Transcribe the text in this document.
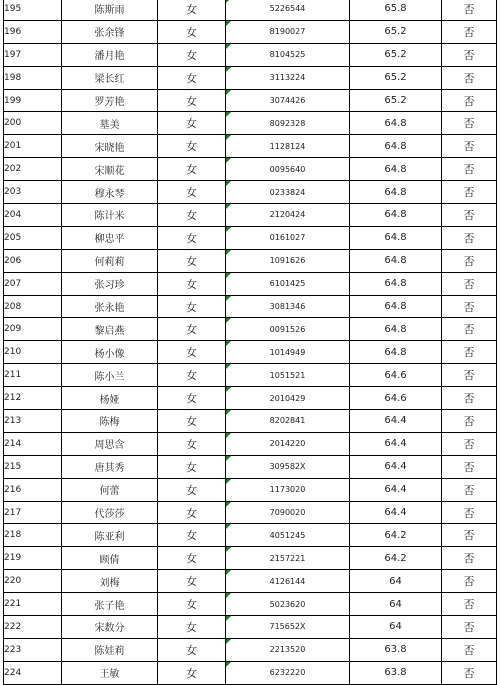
195	陈斯雨	女	5226544	65.8	否
196	张余锋	女	8190027	65.2	否
197	潘月艳	女	8104525	65.2	否
198	梁长红	女	3113224	65.2	否
199	罗芳艳	女	3074426	65.2	否
200	墓美	女	8092328	64.8	否
201	宋晓艳	女	1128124	64.8	否
202	宋顺花	女	0095640	64.8	否
203	穆永琴	女	0233824	64.8	否
204	陈计米	女	2120424	64.8	否
205	柳忠平	女	0161027	64.8	否
206	何莉莉	女	1091626	64.8	否
207	张习珍	女	6101425	64.8	否
208	张永艳	女	3081346	64.8	否
209	黎启燕	女	0091526	64.8	否
210	杨小像	女	1014949	64.8	否
211	陈小兰	女	1051521	64.6	否
212	杨娅	女	2010429	64.6	否
213	陈梅	女	8202841	64.4	否
214	周思含	女	2014220	64.4	否
215	唐其秀	女	309582X	64.4	否
216	何蕾	女	1173020	64.4	否
217	代莎莎	女	7090020	64.4	否
218	陈亚利	女	4051245	64.2	否
219	顾倩	女	2157221	64.2	否
220	刘梅	女	4126144	64	否
221	张子艳	女	5023620	64	否
222	宋数分	女	715652X	64	否
223	陈娃莉	女	2213520	63.8	否
224	王敏	女	6232220	63.8	否
